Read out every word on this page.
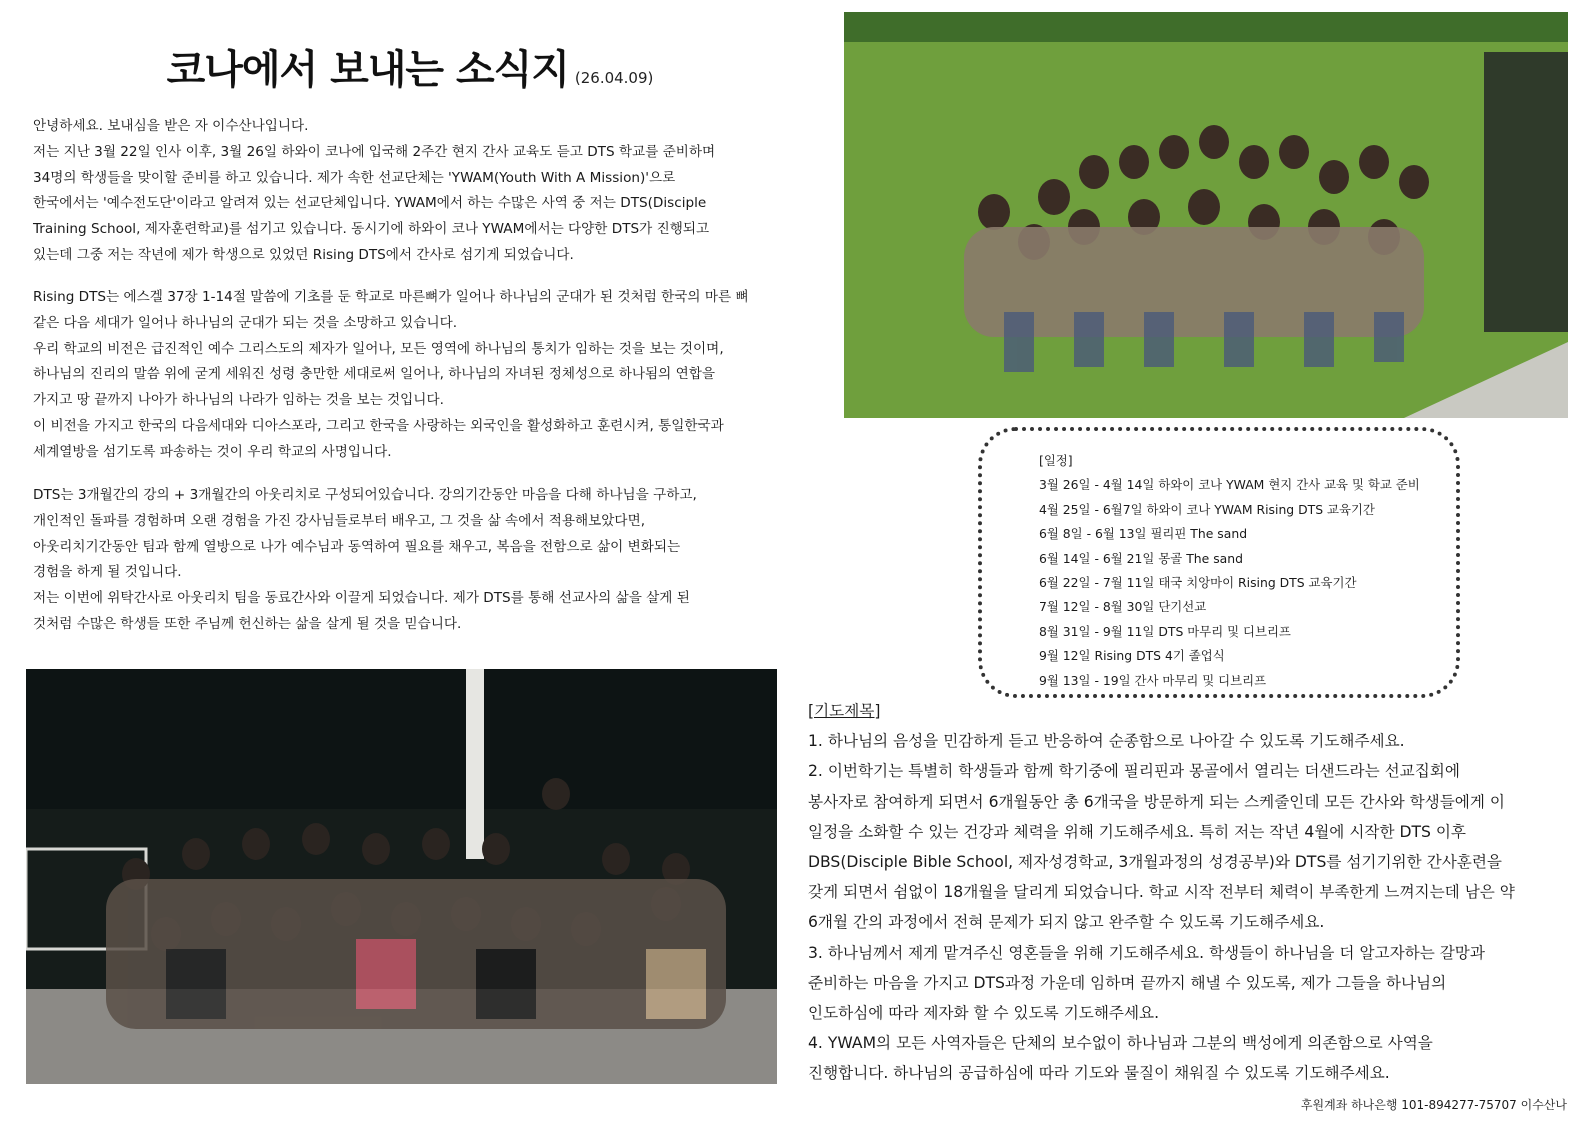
코나에서 보내는 소식지 (26.04.09)

안녕하세요. 보내심을 받은 자 이수산나입니다.

저는 지난 3월 22일 인사 이후, 3월 26일 하와이 코나에 입국해 2주간 현지 간사 교육도 듣고 DTS 학교를 준비하며

34명의 학생들을 맞이할 준비를 하고 있습니다. 제가 속한 선교단체는 'YWAM(Youth With A Mission)'으로

한국에서는 '예수전도단'이라고 알려져 있는 선교단체입니다. YWAM에서 하는 수많은 사역 중 저는 DTS(Disciple

Training School, 제자훈련학교)를 섬기고 있습니다. 동시기에 하와이 코나 YWAM에서는 다양한 DTS가 진행되고

있는데 그중 저는 작년에 제가 학생으로 있었던 Rising DTS에서 간사로 섬기게 되었습니다.

Rising DTS는 에스겔 37장 1-14절 말씀에 기초를 둔 학교로 마른뼈가 일어나 하나님의 군대가 된 것처럼 한국의 마른 뼈

같은 다음 세대가 일어나 하나님의 군대가 되는 것을 소망하고 있습니다.

우리 학교의 비전은 급진적인 예수 그리스도의 제자가 일어나, 모든 영역에 하나님의 통치가 임하는 것을 보는 것이며,

하나님의 진리의 말씀 위에 굳게 세워진 성령 충만한 세대로써 일어나, 하나님의 자녀된 정체성으로 하나됨의 연합을

가지고 땅 끝까지 나아가 하나님의 나라가 임하는 것을 보는 것입니다.

이 비전을 가지고 한국의 다음세대와 디아스포라, 그리고 한국을 사랑하는 외국인을 활성화하고 훈련시켜, 통일한국과

세계열방을 섬기도록 파송하는 것이 우리 학교의 사명입니다.

DTS는 3개월간의 강의 + 3개월간의 아웃리치로 구성되어있습니다. 강의기간동안 마음을 다해 하나님을 구하고,

개인적인 돌파를 경험하며 오랜 경험을 가진 강사님들로부터 배우고, 그 것을 삶 속에서 적용해보았다면,

아웃리치기간동안 팀과 함께 열방으로 나가 예수님과 동역하여 필요를 채우고, 복음을 전함으로 삶이 변화되는

경험을 하게 될 것입니다.

저는 이번에 위탁간사로 아웃리치 팀을 동료간사와 이끌게 되었습니다. 제가 DTS를 통해 선교사의 삶을 살게 된

것처럼 수많은 학생들 또한 주님께 헌신하는 삶을 살게 될 것을 믿습니다.

[일정]
3월 26일 - 4월 14일 하와이 코나 YWAM 현지 간사 교육 및 학교 준비
4월 25일 - 6월7일 하와이 코나 YWAM Rising DTS 교육기간
6월 8일 - 6월 13일 필리핀 The sand
6월 14일 - 6월 21일 몽골 The sand
6월 22일 - 7월 11일 태국 치앙마이 Rising DTS 교육기간
7월 12일 - 8월 30일 단기선교
8월 31일 - 9월 11일 DTS 마무리 및 디브리프
9월 12일 Rising DTS 4기 졸업식
9월 13일 - 19일 간사 마무리 및 디브리프

[기도제목]

1. 하나님의 음성을 민감하게 듣고 반응하여 순종함으로 나아갈 수 있도록 기도해주세요.

2. 이번학기는 특별히 학생들과 함께 학기중에 필리핀과 몽골에서 열리는 더샌드라는 선교집회에

봉사자로 참여하게 되면서 6개월동안 총 6개국을 방문하게 되는 스케줄인데 모든 간사와 학생들에게 이

일정을 소화할 수 있는 건강과 체력을 위해 기도해주세요. 특히 저는 작년 4월에 시작한 DTS 이후

DBS(Disciple Bible School, 제자성경학교, 3개월과정의 성경공부)와 DTS를 섬기기위한 간사훈련을

갖게 되면서 쉼없이 18개월을 달리게 되었습니다. 학교 시작 전부터 체력이 부족한게 느껴지는데 남은 약

6개월 간의 과정에서 전혀 문제가 되지 않고 완주할 수 있도록 기도해주세요.

3. 하나님께서 제게 맡겨주신 영혼들을 위해 기도해주세요. 학생들이 하나님을 더 알고자하는 갈망과

준비하는 마음을 가지고 DTS과정 가운데 임하며 끝까지 해낼 수 있도록, 제가 그들을 하나님의

인도하심에 따라 제자화 할 수 있도록 기도해주세요.

4. YWAM의 모든 사역자들은 단체의 보수없이 하나님과 그분의 백성에게 의존함으로 사역을

진행합니다. 하나님의 공급하심에 따라 기도와 물질이 채워질 수 있도록 기도해주세요.

후원계좌 하나은행 101-894277-75707 이수산나
